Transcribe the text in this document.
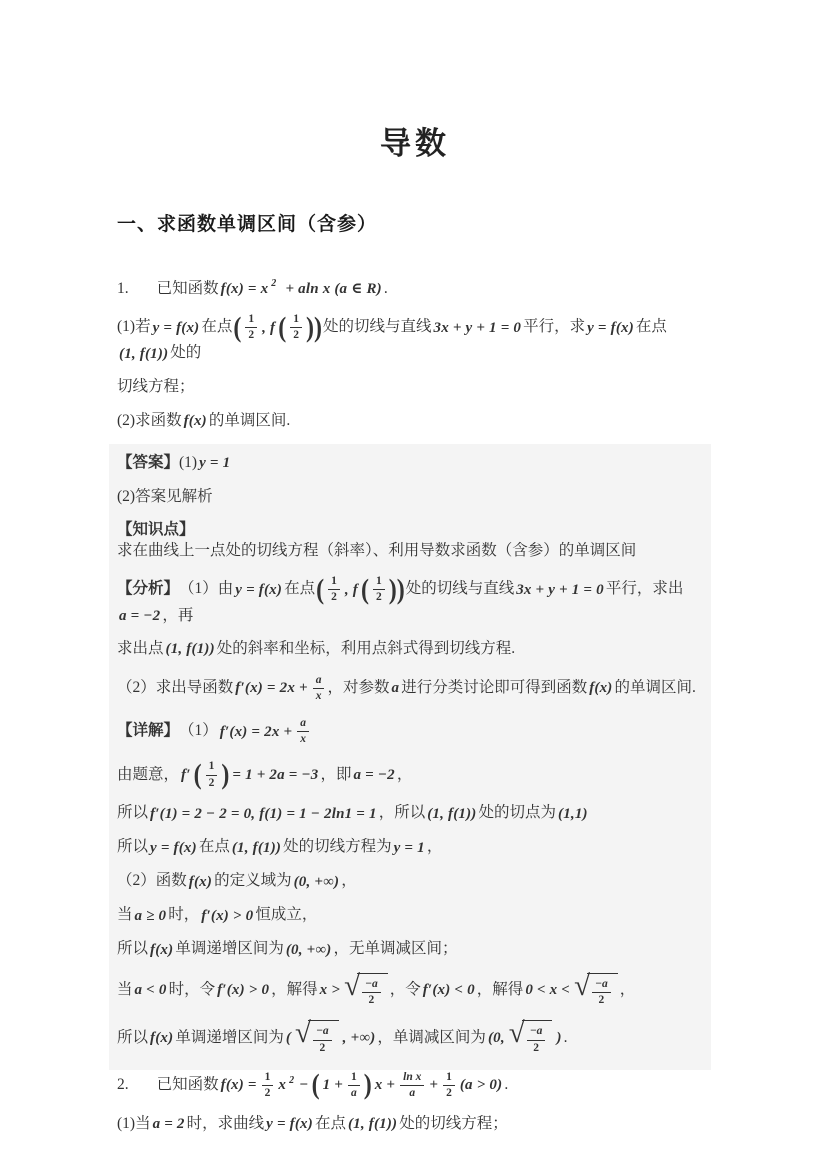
导数
一、求函数单调区间（含参）
1. 已知函数 f(x) = x 2 + aln x (a ∈ R) .
(1)若 y = f(x) 在点 ( $\frac{1}{2}$ , f ( $\frac{1}{2}$ )) 处的切线与直线 3x + y + 1 = 0 平行，求 y = f(x) 在点
(1, f(1)) 处的
切线方程；
(2)求函数 f(x) 的单调区间.
【答案】 (1) y = 1
(2)答案见解析
【知识点】
求在曲线上一点处的切线方程（斜率）、利用导数求函数（含参）的单调区间
【分析】 （1）由 y = f(x) 在点 ( $\frac{1}{2}$ , f ( $\frac{1}{2}$ )) 处的切线与直线 3x + y + 1 = 0 平行，求出
a = −2 ，再
求出点 (1, f(1)) 处的斜率和坐标，利用点斜式得到切线方程.
（2）求出导函数 $f'(x) = 2x + \frac{a}{x}$ ，对参数 a 进行分类讨论即可得到函数 f(x) 的单调区间.
【详解】 （1） $f'(x) = 2x + \frac{a}{x}$
由题意， f′ ( $\frac{1}{2}$ ) = 1 + 2a = −3 ，即 a = −2 ，
所以 f′(1) = 2 − 2 = 0, f(1) = 1 − 2ln1 = 1 ，所以 (1, f(1)) 处的切点为 (1,1)
所以 y = f(x) 在点 (1, f(1)) 处的切线方程为 y = 1 ，
（2）函数 f(x) 的定义域为 (0, +∞) ，
当 a ≥ 0 时， f′(x) > 0 恒成立，
所以 f(x) 单调递增区间为 (0, +∞) ，无单调减区间；
当 a < 0 时，令 f′(x) > 0 ，解得 x > √ $\frac{-a}{2}$ ，令 f′(x) < 0 ，解得 0 < x < √ $\frac{-a}{2}$ ，
所以 f(x) 单调递增区间为 ( √ $\frac{-a}{2}$ , +∞) ，单调减区间为 (0, √ $\frac{-a}{2}$ ) .
2. 已知函数 $f(x) = \frac{1}{2}$ x 2 − ( $1 + \frac{1}{a}$ ) $x + \frac{\text{ln x}}{a} + \frac{1}{2} (a > 0)$ .
(1)当 a = 2 时，求曲线 y = f(x) 在点 (1, f(1)) 处的切线方程；
